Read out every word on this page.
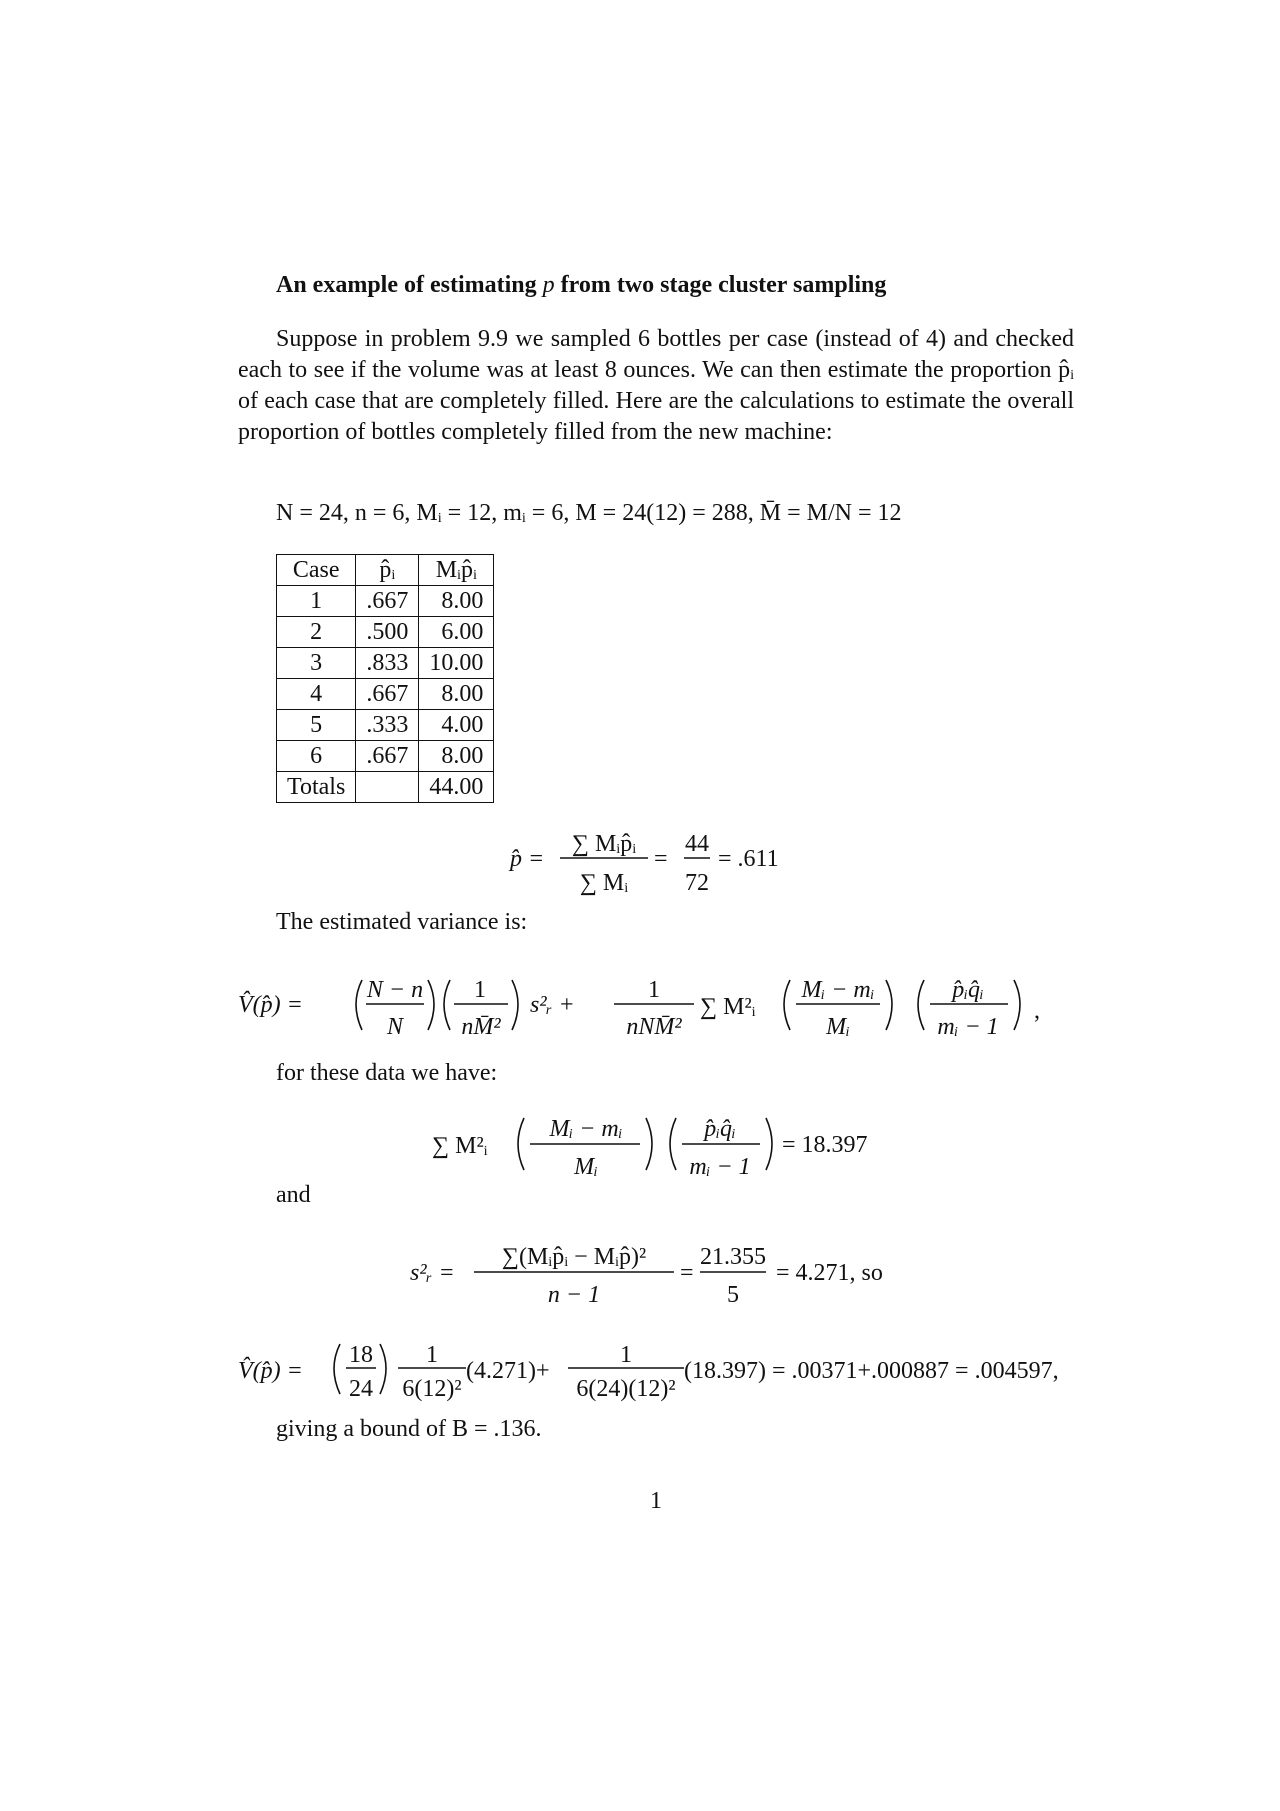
An example of estimating p from two stage cluster sampling
Suppose in problem 9.9 we sampled 6 bottles per case (instead of 4) and checked each to see if the volume was at least 8 ounces. We can then estimate the proportion p̂ᵢ of each case that are completely filled. Here are the calculations to estimate the overall proportion of bottles completely filled from the new machine:
N = 24, n = 6, Mᵢ = 12, mᵢ = 6, M = 24(12) = 288, M̄ = M/N = 12
Case	p̂ᵢ	Mᵢp̂ᵢ
1	.667	8.00
2	.500	6.00
3	.833	10.00
4	.667	8.00
5	.333	4.00
6	.667	8.00
Totals		44.00
p̂ =
∑ Mᵢp̂ᵢ
∑ Mᵢ
=
44
72
= .611
The estimated variance is:
V̂(p̂) =
N − n
N
1
nM̄²
s²ᵣ +
1
nNM̄²
∑ M²ᵢ
Mᵢ − mᵢ
Mᵢ
p̂ᵢq̂ᵢ
mᵢ − 1
,
for these data we have:
∑ M²ᵢ
Mᵢ − mᵢ
Mᵢ
p̂ᵢq̂ᵢ
mᵢ − 1
= 18.397
and
s²ᵣ =
∑(Mᵢp̂ᵢ − Mᵢp̂)²
n − 1
=
21.355
5
= 4.271, so
V̂(p̂) =
18
24
1
6(12)²
(4.271)+
1
6(24)(12)²
(18.397) = .00371+.000887 = .004597,
giving a bound of B = .136.
1
